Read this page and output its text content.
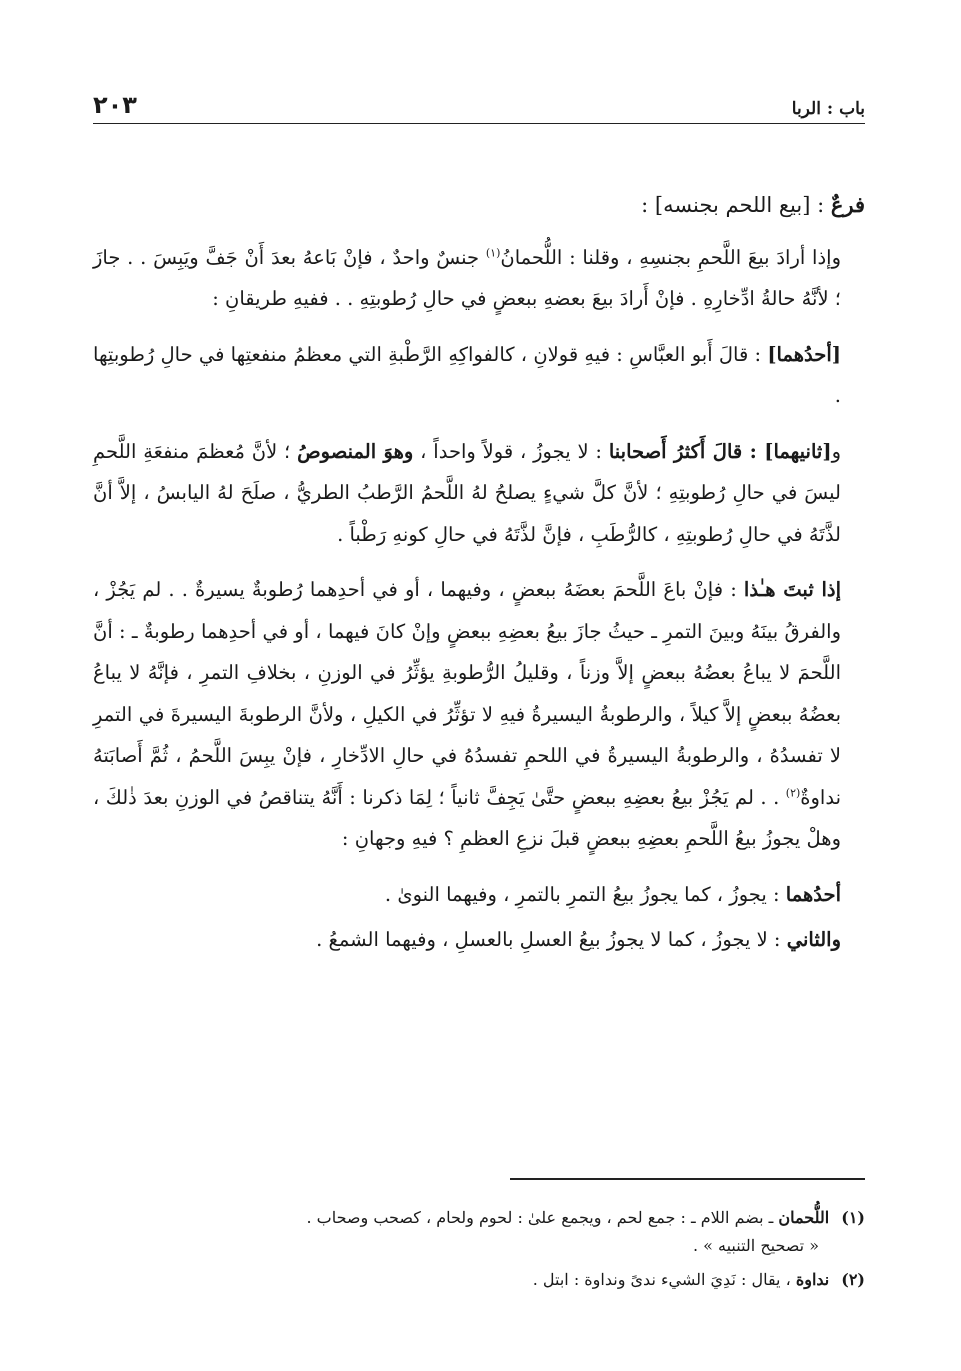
باب : الربا
٢٠٣

فرعٌ : [بيع اللحم بجنسه] :

وإذا أرادَ بيعَ اللَّحمِ بجنسِهِ ، وقلنا : اللُّحمانُ$^{(١)}$ جنسٌ واحدٌ ، فإنْ بَاعهُ بعدَ أَنْ جَفَّ ويَبِسَ . . جازَ ؛ لأنَّهُ حالةُ ادِّخارِهِ . فإنْ أَرادَ بيعَ بعضهِ ببعضٍ في حالِ رُطوبتِهِ . . ففيهِ طريقانِ :

[أحدُهما] : قالَ أَبو العبَّاسِ : فيهِ قولانِ ، كالفواكِهِ الرَّطْبةِ التي معظمُ منفعتِها في حالِ رُطوبتِها .

و[ثانيهما] : قالَ أَكثرُ أَصحابنا : لا يجوزُ ، قولاً واحداً ، وهوَ المنصوصُ ؛ لأنَّ مُعظمَ منفعَةِ اللَّحمِ ليسَ في حالِ رُطوبتِهِ ؛ لأنَّ كلَّ شيءٍ يصلحُ لهُ اللَّحمُ الرَّطبُ الطريُّ ، صلَحَ لهُ اليابسُ ، إلاَّ أنَّ لذَّتَهُ في حالِ رُطوبتِهِ ، كالرُّطَبِ ، فإنَّ لذَّتَهُ في حالِ كونهِ رَطْباً .

إذا ثبتَ هـٰذا : فإنْ باعَ اللَّحمَ بعضَهُ ببعضٍ ، وفيهما ، أو في أحدِهما رُطوبةٌ يسيرةٌ . . لم يَجُزْ ، والفرقُ بينَهُ وبينَ التمرِ ـ حيثُ جازَ بيعُ بعضِهِ ببعضٍ وإنْ كانَ فيهما ، أو في أحدِهما رطوبةٌ ـ : أنَّ اللَّحمَ لا يباعُ بعضُهُ ببعضٍ إلاَّ وزناً ، وقليلُ الرُّطوبةِ يؤثِّرُ في الوزنِ ، بخلافِ التمرِ ، فإنَّهُ لا يباعُ بعضُهُ ببعضٍ إلاَّ كيلاً ، والرطوبةُ اليسيرةُ فيهِ لا تؤثِّرُ في الكيلِ ، ولأنَّ الرطوبةَ اليسيرةَ في التمرِ لا تفسدُهُ ، والرطوبةُ اليسيرةُ في اللحمِ تفسدُهُ في حالِ الادِّخارِ ، فإنْ يبِسَ اللَّحمُ ، ثُمَّ أَصابَتهُ نداوةٌ$^{(٢)}$ . . لم يَجُزْ بيعُ بعضِهِ ببعضٍ حتَّىٰ يَجِفَّ ثانياً ؛ لِمَا ذكرنا : أَنَّهُ يتناقصُ في الوزنِ بعدَ ذٰلكَ ، وهلْ يجوزُ بيعُ اللَّحمِ بعضِهِ ببعضٍ قبلَ نزعِ العظمِ ؟ فيهِ وجهانِ :

أحدُهما : يجوزُ ، كما يجوزُ بيعُ التمرِ بالتمرِ ، وفيهما النوىٰ .

والثاني : لا يجوزُ ، كما لا يجوزُ بيعُ العسلِ بالعسلِ ، وفيهما الشمعُ .

(١)اللُّحمان ـ بضم اللام ـ : جمع لحم ، ويجمع علىٰ : لحوم ولحام ، كصحب وصحاب .
« تصحيح التنبيه » .

(٢)نداوة ، يقال : نَدِيَ الشيء ندىً ونداوة : ابتل .
